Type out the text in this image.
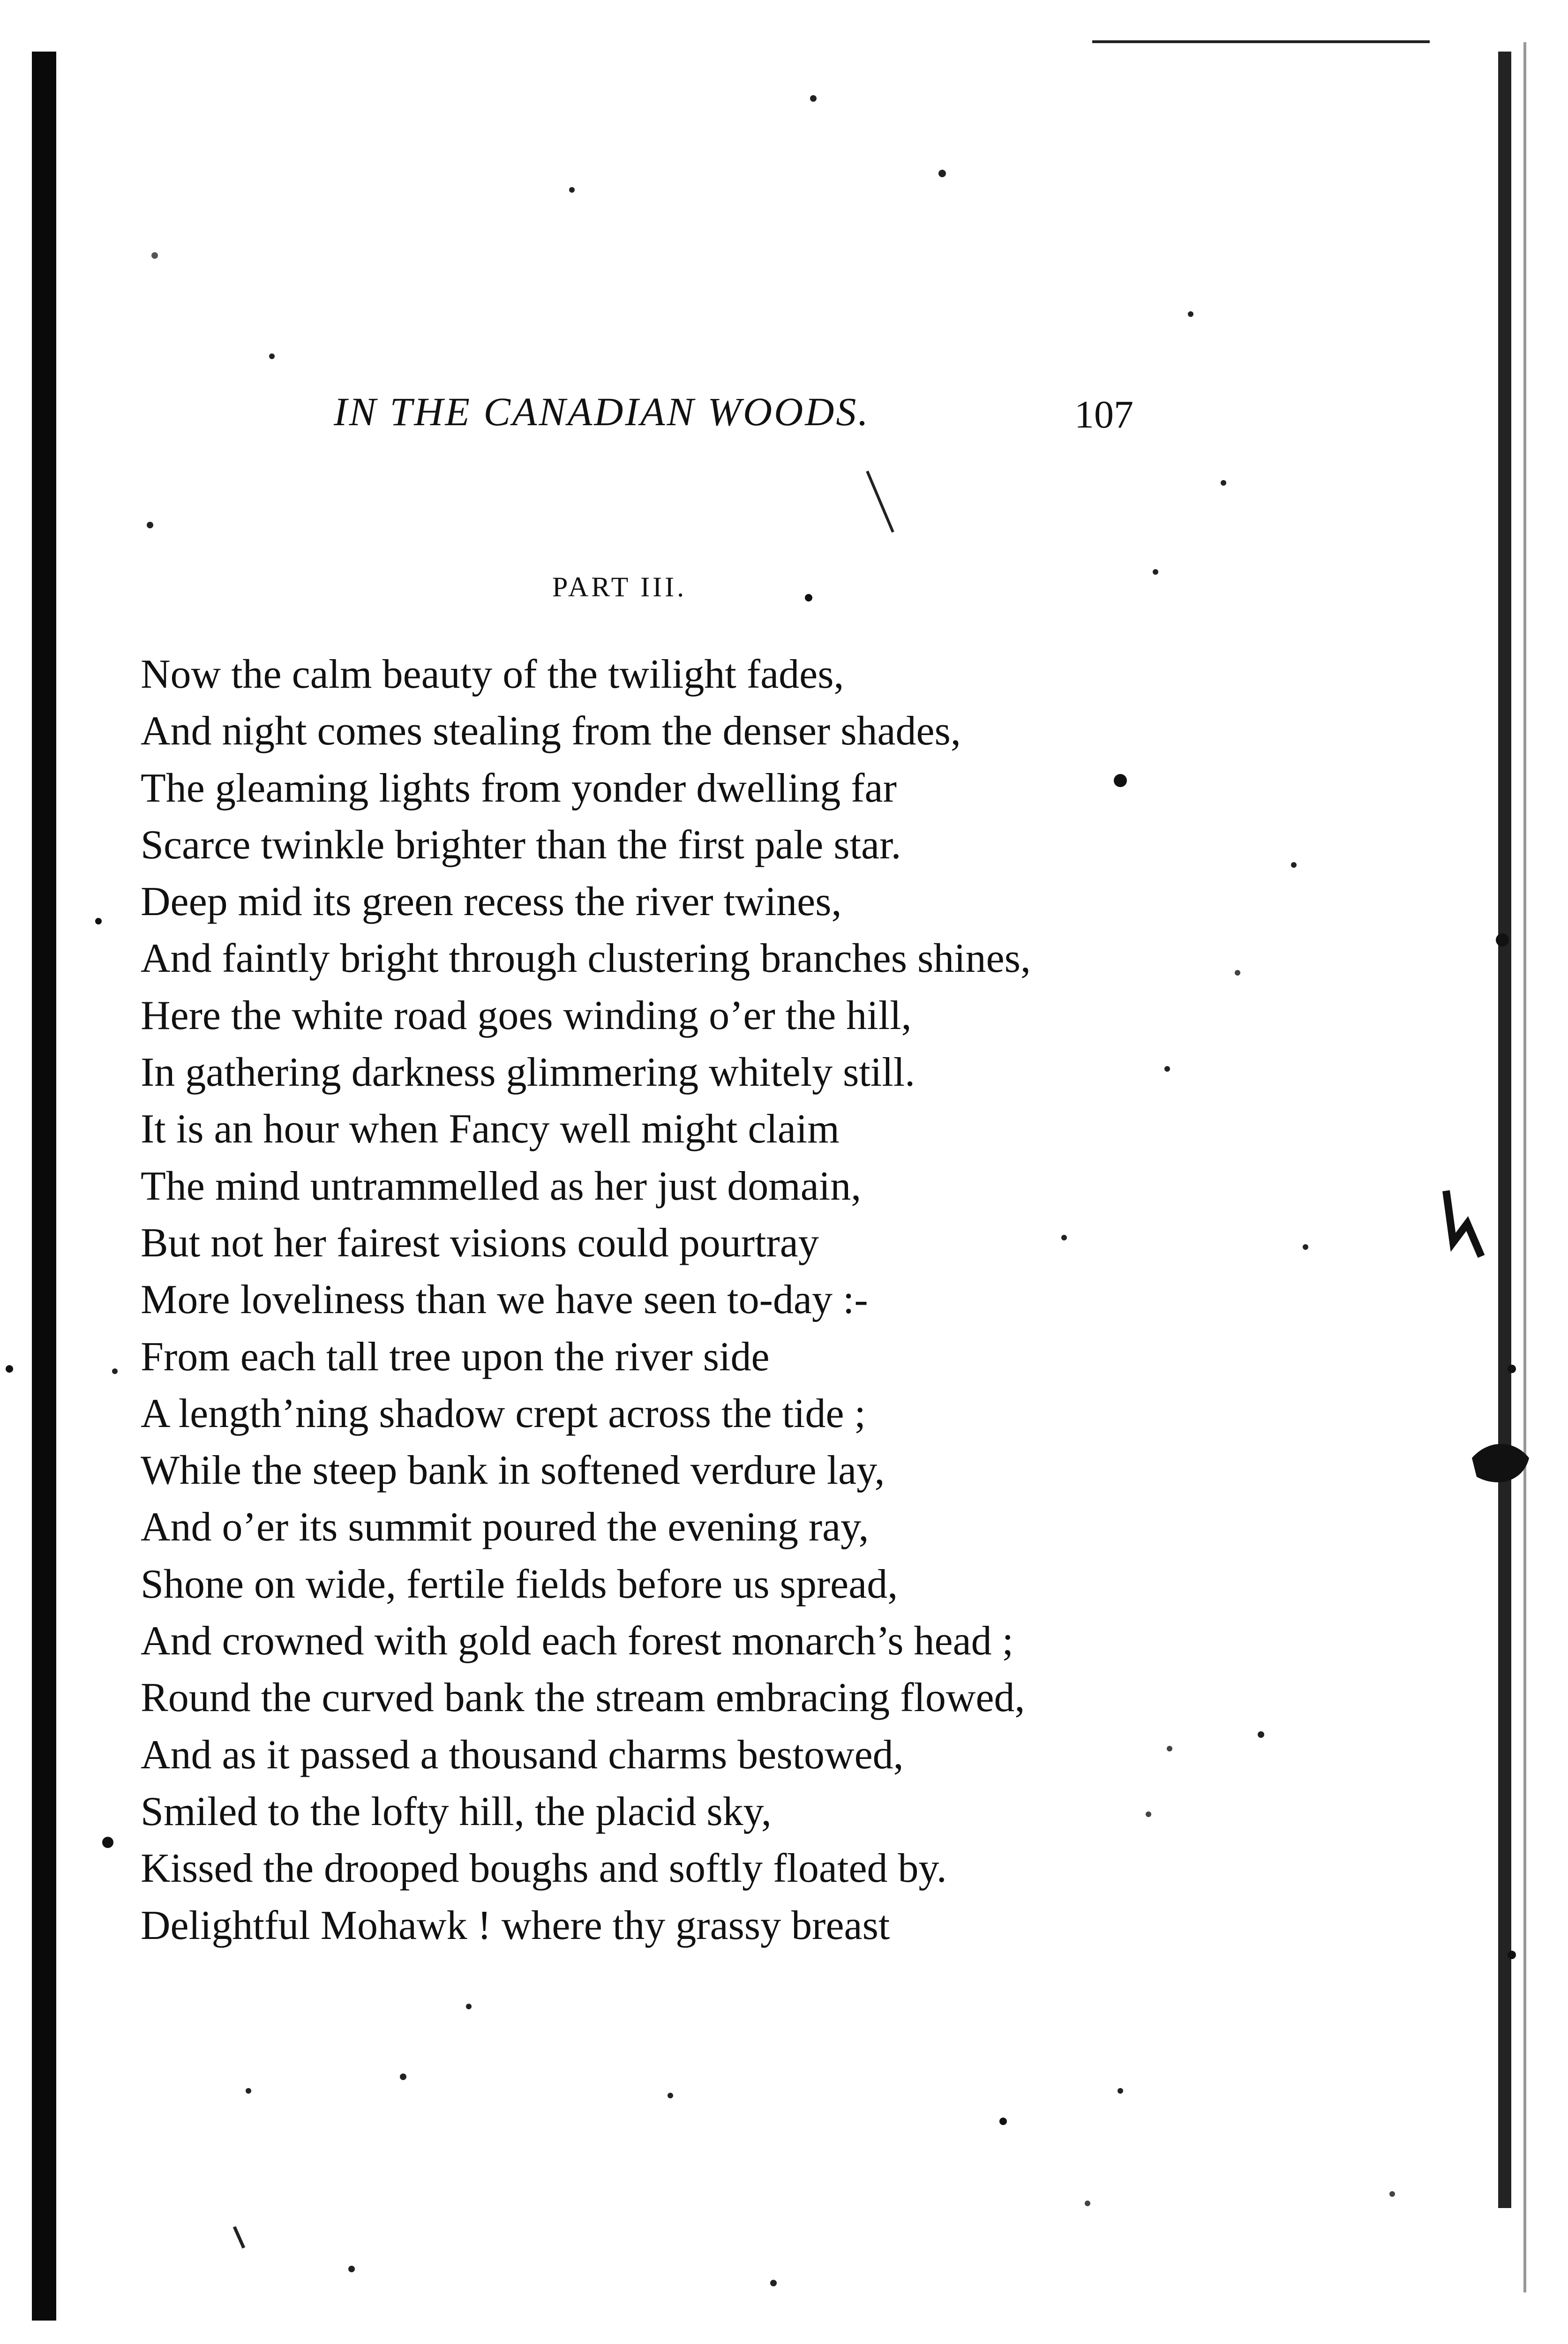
IN THE CANADIAN WOODS.	107
PART III.
Now the calm beauty of the twilight fades,
And night comes stealing from the denser shades,
The gleaming lights from yonder dwelling far
Scarce twinkle brighter than the first pale star.
Deep mid its green recess the river twines,
And faintly bright through clustering branches shines,
Here the white road goes winding o’er the hill,
In gathering darkness glimmering whitely still.
It is an hour when Fancy well might claim
The mind untrammelled as her just domain,
But not her fairest visions could pourtray
More loveliness than we have seen to-day :-
From each tall tree upon the river side
A length’ning shadow crept across the tide ;
While the steep bank in softened verdure lay,
And o’er its summit poured the evening ray,
Shone on wide, fertile fields before us spread,
And crowned with gold each forest monarch’s head ;
Round the curved bank the stream embracing flowed,
And as it passed a thousand charms bestowed,
Smiled to the lofty hill, the placid sky,
Kissed the drooped boughs and softly floated by.
Delightful Mohawk ! where thy grassy breast
